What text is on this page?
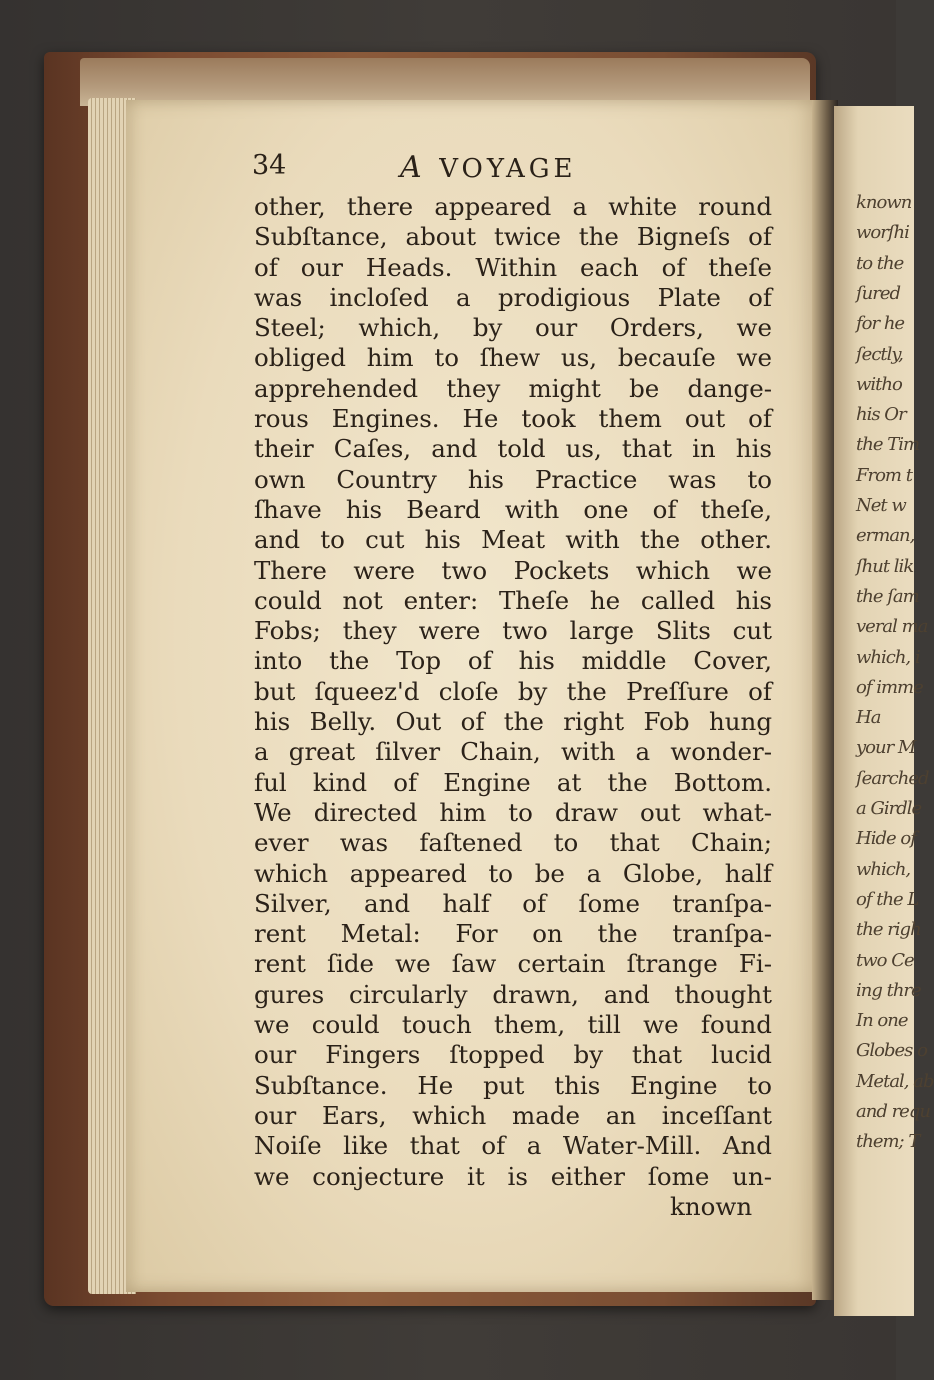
known
worſhi
to the
ſured
for he
ſectly,
witho
his Or
the Tim
From t
Net w
erman,
ſhut lik
the ſam
veral ma
which, i
of imme
Ha
your M
ſearched
a Girdle
Hide of
which,
of the L
the righ
two Ce
ing thre
In one
Globes o
Metal, ab
and requ
them; T
34	A VOYAGE
other, there appeared a white round
Subſtance, about twice the Bigneſs of
of our Heads. Within each of theſe
was incloſed a prodigious Plate of
Steel; which, by our Orders, we
obliged him to ſhew us, becauſe we
apprehended they might be dange-
rous Engines. He took them out of
their Caſes, and told us, that in his
own Country his Practice was to
ſhave his Beard with one of theſe,
and to cut his Meat with the other.
There were two Pockets which we
could not enter: Theſe he called his
Fobs; they were two large Slits cut
into the Top of his middle Cover,
but ſqueez'd cloſe by the Preſſure of
his Belly. Out of the right Fob hung
a great ſilver Chain, with a wonder-
ful kind of Engine at the Bottom.
We directed him to draw out what-
ever was faſtened to that Chain;
which appeared to be a Globe, half
Silver, and half of ſome tranſpa-
rent Metal: For on the tranſpa-
rent ſide we ſaw certain ſtrange Fi-
gures circularly drawn, and thought
we could touch them, till we found
our Fingers ſtopped by that lucid
Subſtance. He put this Engine to
our Ears, which made an inceſſant
Noiſe like that of a Water-Mill. And
we conjecture it is either ſome un-
known
